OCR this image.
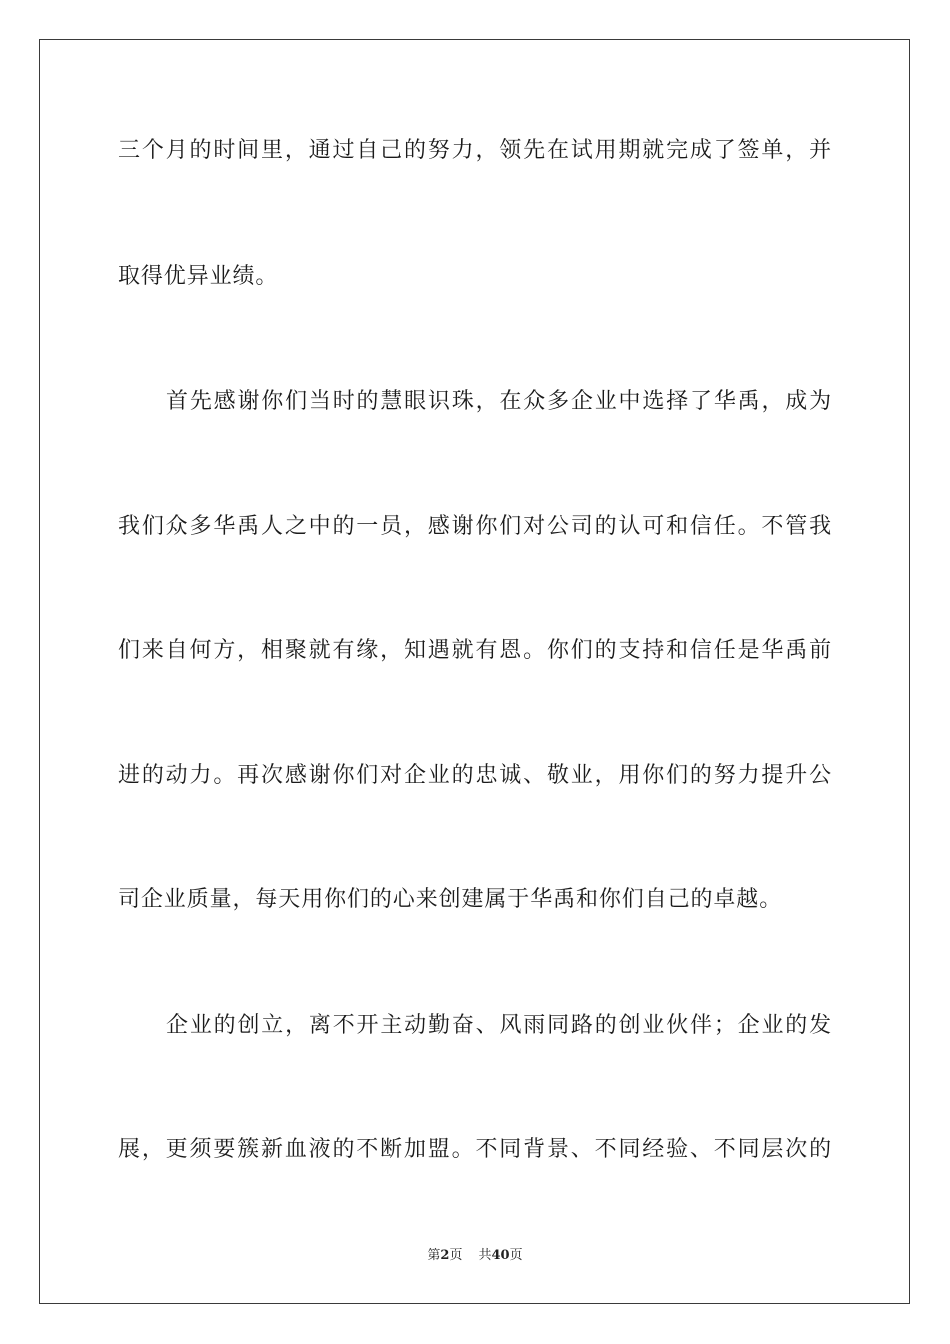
三个月的时间里，通过自己的努力，领先在试用期就完成了签单，并
取得优异业绩。
首先感谢你们当时的慧眼识珠，在众多企业中选择了华禹，成为
我们众多华禹人之中的一员，感谢你们对公司的认可和信任。不管我
们来自何方，相聚就有缘，知遇就有恩。你们的支持和信任是华禹前
进的动力。再次感谢你们对企业的忠诚、敬业，用你们的努力提升公
司企业质量，每天用你们的心来创建属于华禹和你们自己的卓越。
企业的创立，离不开主动勤奋、风雨同路的创业伙伴；企业的发
展，更须要簇新血液的不断加盟。不同背景、不同经验、不同层次的
第2页 共40页
